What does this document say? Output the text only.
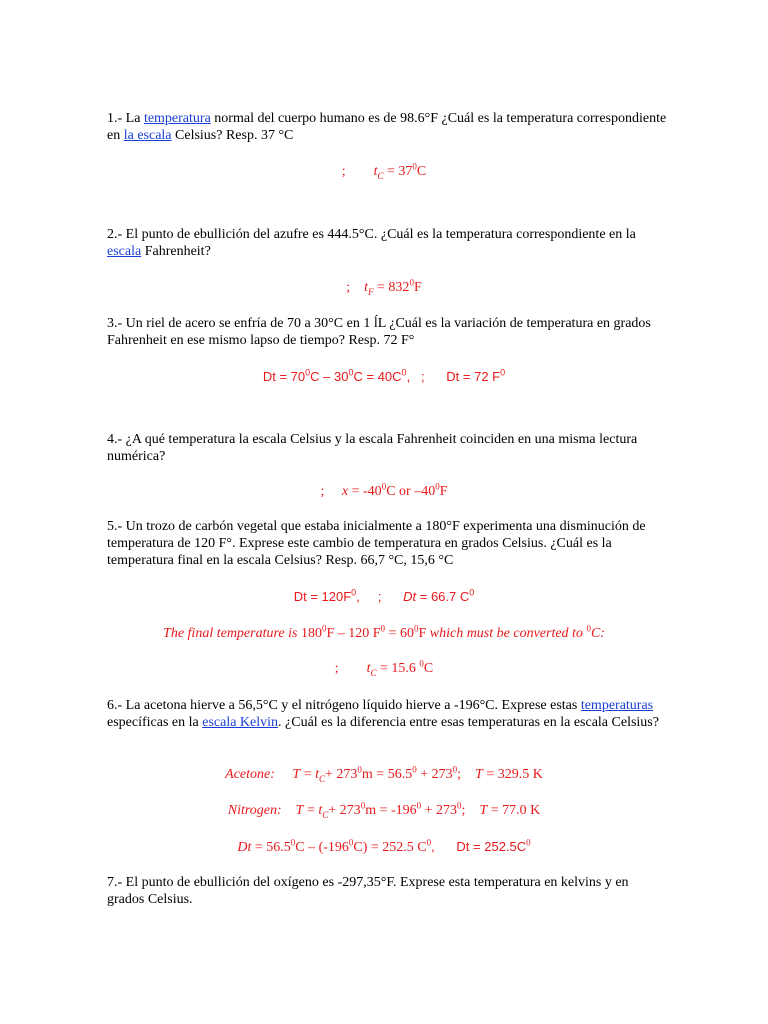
1.- La temperatura normal del cuerpo humano es de 98.6°F ¿Cuál es la temperatura correspondiente en la escala Celsius? Resp. 37 °C

; $t_C = 37^0C$

2.- El punto de ebullición del azufre es 444.5°C. ¿Cuál es la temperatura correspondiente en la escala Fahrenheit?

; $t_F = 832^0F$

3.- Un riel de acero se enfría de 70 a 30°C en 1 ĺL ¿Cuál es la variación de temperatura en grados Fahrenheit en ese mismo lapso de tiempo? Resp. 72 F°

$Dt = 70^0C - 30^0C = 40C^0$,   ;      Dt = 72 $F^0$

4.- ¿A qué temperatura la escala Celsius y la escala Fahrenheit coinciden en una misma lectura numérica?

; $x = -40^0C$ or $-40^0F$

5.- Un trozo de carbón vegetal que estaba inicialmente a 180°F experimenta una disminución de temperatura de 120 F°. Exprese este cambio de temperatura en grados Celsius. ¿Cuál es la temperatura final en la escala Celsius? Resp. 66,7 °C, 15,6 °C

$Dt = 120F^0$,     ;      Dt = 66.7 $C^0$
The final temperature is $180^0F - 120$ $F^0 = 60^0F$ which must be converted to $^0$C:
; $t_C = 15.6$ $^0$C

6.- La acetona hierve a 56,5°C y el nitrógeno líquido hierve a -196°C. Exprese estas temperaturas específicas en la escala Kelvin. ¿Cuál es la diferencia entre esas temperaturas en la escala Celsius?

Acetone: $T = t_C+ 273^0m = 56.5^0 + 273^0$;    T = 329.5 K
Nitrogen: $T = t_C+ 273^0m = -196^0 + 273^0$;    T = 77.0 K
$Dt = 56.5^0C - (-196^0C) = 252.5$ $C^0$,      $Dt = 252.5C^0$

7.- El punto de ebullición del oxígeno es -297,35°F. Exprese esta temperatura en kelvins y en grados Celsius.
